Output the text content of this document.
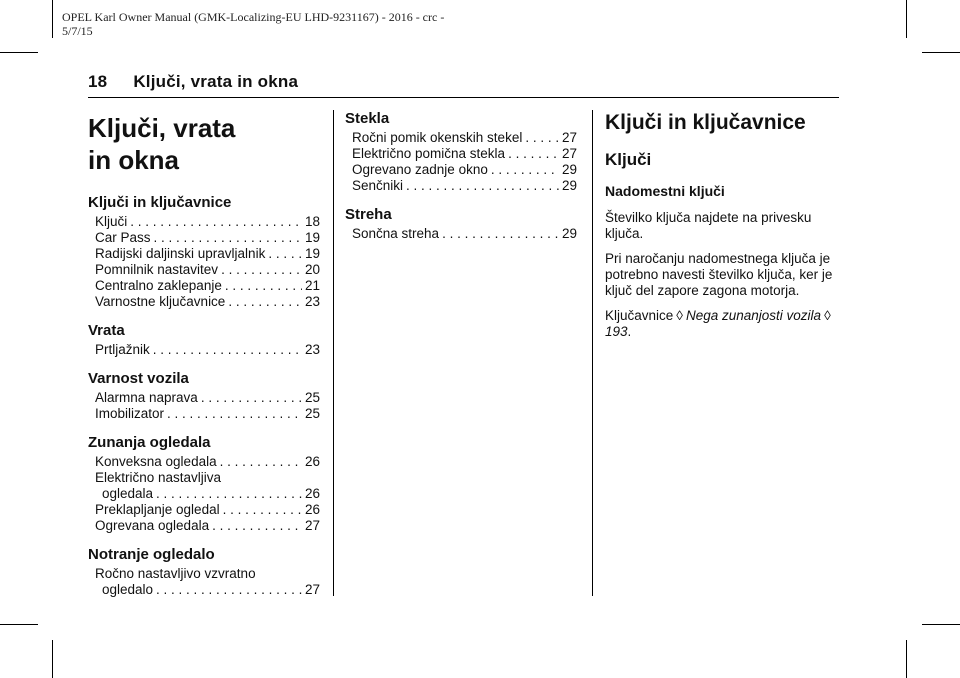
OPEL Karl Owner Manual (GMK-Localizing-EU LHD-9231167) - 2016 - crc -
5/7/15
18 Ključi, vrata in okna
Ključi, vrata
in okna
Ključi in ključavnice
Ključi . . .	18
Car Pass . . .	19
Radijski daljinski upravljalnik . . .	19
Pomnilnik nastavitev . . .	20
Centralno zaklepanje . . .	21
Varnostne ključavnice . . .	23
Vrata
Prtljažnik . . .	23
Varnost vozila
Alarmna naprava . . .	25
Imobilizator . . .	25
Zunanja ogledala
Konveksna ogledala . . .	26
Električno nastavljiva
ogledala . . .	26
Preklapljanje ogledal . . .	26
Ogrevana ogledala . . .	27
Notranje ogledalo
Ročno nastavljivo vzvratno
ogledalo . . .	27
Stekla
Ročni pomik okenskih stekel . . .	27
Električno pomična stekla . . .	27
Ogrevano zadnje okno . . .	29
Senčniki . . .	29
Streha
Sončna streha . . .	29
Ključi in ključavnice
Ključi
Nadomestni ključi

Številko ključa najdete na privesku ključa.

Pri naročanju nadomestnega ključa je potrebno navesti številko ključa, ker je ključ del zapore zagona motorja.

Ključavnice ◊ Nega zunanjosti vozila ◊193.
